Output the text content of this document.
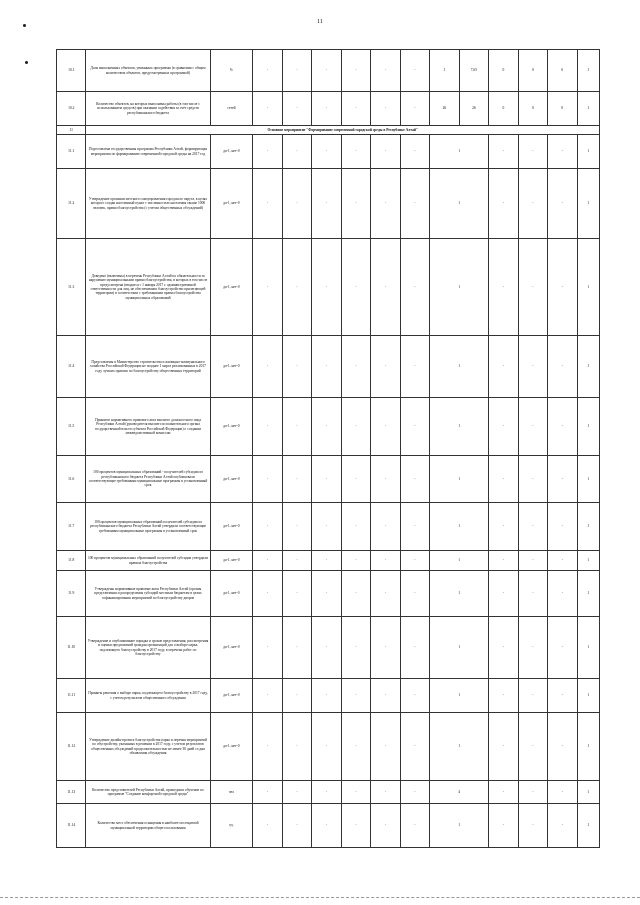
11
10.1	Доля выполненных объектов, увязанных программы (в сравнении с общим количеством объектов, предусмотренных программой)	%	-	-	-	-	-	-	1	7,65	0	0	0	1
10.2	Количество объектов, на которых выполнены работы (в том числе с использованием средств) при оказании содействия за счёт средств республиканского бюджета	сетей	-	-	-	-	-	-	26	26	0	0	0	1
11	Основное мероприятие "Формирование современной городской среды в Республике Алтай"													
11.1	Подготовлена государственная программа Республики Алтай, формирующая мероприятия по формированию современной городской среды на 2017 год	да-1, нет-0	-	-	-	-	-	-	1		-	-	-	1
11.2	Утверждение органами местного самоуправления городского округа, в целях которого создан населенный пункт с численностью населения свыше 1000 человек, правил благоустройства (с учетом общественных обсуждений)	да-1, нет-0	-	-	-	-	-	-	1		-	-	-	1
11.3	Доведено (включены) в перечень Республики Алтай по обязательности за нарушение муниципальными правил благоустройства, в которых в том числе предусмотрена (вводятся с 1 января 2017 г. административной ответственности для лиц, не обеспечивших благоустройство прилегающей территории) в соответствии с требованиями правил благоустройства муниципальных образований	да-1, нет-0	-	-	-	-	-	-	1		-	-	-	1
11.4	Представлены в Министерство строительства и жилищно-коммунального хозяйства Российской Федерации не позднее 1 марта реализованных в 2017 году лучших практик по благоустройству общественных территорий	да-1, нет-0	-	-	-	-	-	-	1		-	-	-	1
11.5	Принятие нормативного правового акта высшего должностного лица Республики Алтай (руководителя высшего исполнительного органа государственной власти субъекта Российской Федерации) о создании межведомственной комиссии	да-1, нет-0	-	-	-	-	-	-	1		-	-	-	1
11.6	100 процентов муниципальных образований - получателей субсидии из республиканского бюджета Республики Алтай опубликовали соответствующие требованиям муниципальные программы в установленный срок	да-1, нет-0	-	-	-	-	-	-	1		-	-	-	1
11.7	100 процентов муниципальных образований получателей субсидии из республиканского бюджета Республики Алтай утвердили соответствующие требованиям муниципальные программы в установленный срок	да-1, нет-0	-	-	-	-	-	-	1		-	-	-	1
11.8	100 процентов муниципальных образований получателей субсидии утвердили правила благоустройства	да-1, нет-0	-	-	-	-	-	-	1		-	-	-	1
11.9	Утверждены нормативные правовые акты Республики Алтай (органы представления и распределения субсидий местным бюджетам в целях софинансирования мероприятий по благоустройству дворов	да-1, нет-0	-	-	-	-	-	-	1		-	-	-	1
11.10	Утверждение и опубликование порядка и сроков представления, рассмотрения и оценки предложений граждан организаций для о выборе парка, подлежащего благоустройству в 2017 году, в перечень работ по благоустройству	да-1, нет-0	-	-	-	-	-	-	1		-	-	-	1
11.11	Приняты решения о выборе парка, подлежащего благоустройству в 2017 году, с учетом результатов общественного обсуждения	да-1, нет-0	-	-	-	-	-	-	1		-	-	-	1
11.12	Утверждение дизайн-проекта благоустройства парка и перечня мероприятий по обустройству, указанных в решении в 2017 году, с учетом результатов общественных обсуждений продолжительностью не менее 30 дней со дня объявления обсуждения	да-1, нет-0	-	-	-	-	-	-	1		-	-	-	1
11.13	Количество представителей Республики Алтай, прошедших обучение по программе "Создание комфортной городской среды"	чел	-	-	-	-	-	-	4		-	-	-	1
11.14	Количество мест обеспечения оснащения в наиболее посещаемой муниципальной территории общего пользования	ед.	-	-	-	-	-	-	1		-	-	-	1
